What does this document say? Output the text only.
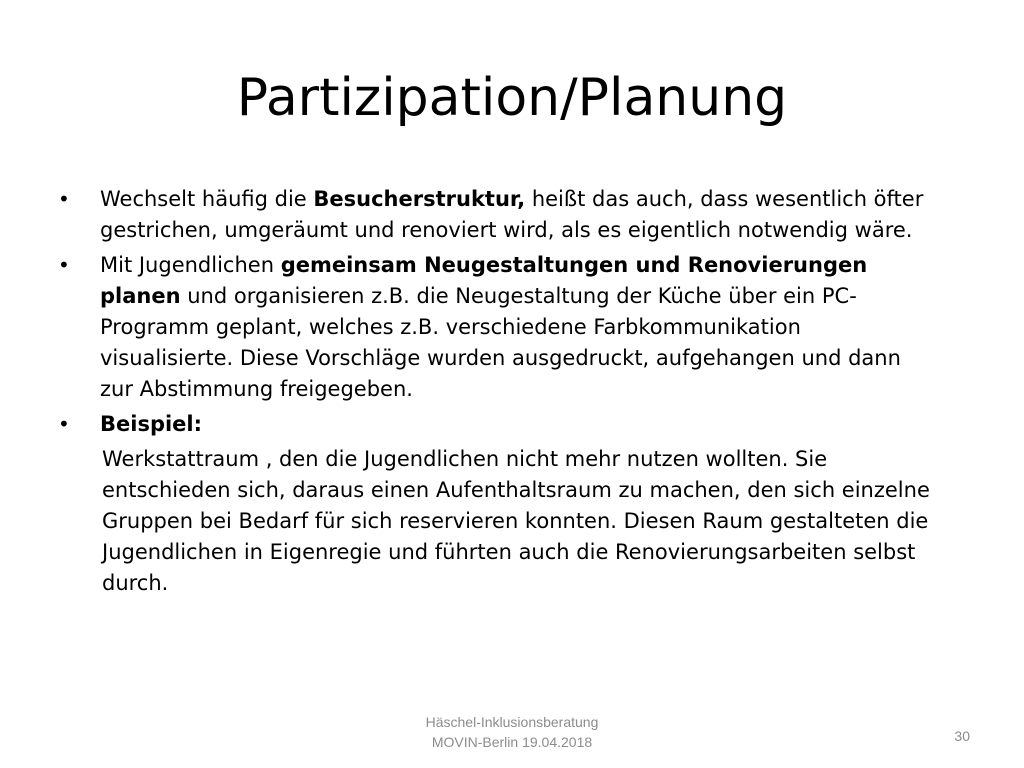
Partizipation/Planung
•	Wechselt häufig die Besucherstruktur, heißt das auch, dass wesentlich öfter gestrichen, umgeräumt und renoviert wird, als es eigentlich notwendig wäre.
•	Mit Jugendlichen gemeinsam Neugestaltungen und Renovierungen planen und organisieren z.B. die Neugestaltung der Küche über ein PC-Programm geplant, welches z.B. verschiedene Farbkommunikation visualisierte. Diese Vorschläge wurden ausgedruckt, aufgehangen und dann zur Abstimmung freigegeben.
•	Beispiel:
Werkstattraum , den die Jugendlichen nicht mehr nutzen wollten. Sie entschieden sich, daraus einen Aufenthaltsraum zu machen, den sich einzelne Gruppen bei Bedarf für sich reservieren konnten. Diesen Raum gestalteten die Jugendlichen in Eigenregie und führten auch die Renovierungsarbeiten selbst durch.
Häschel-Inklusionsberatung
MOVIN-Berlin 19.04.2018	30
